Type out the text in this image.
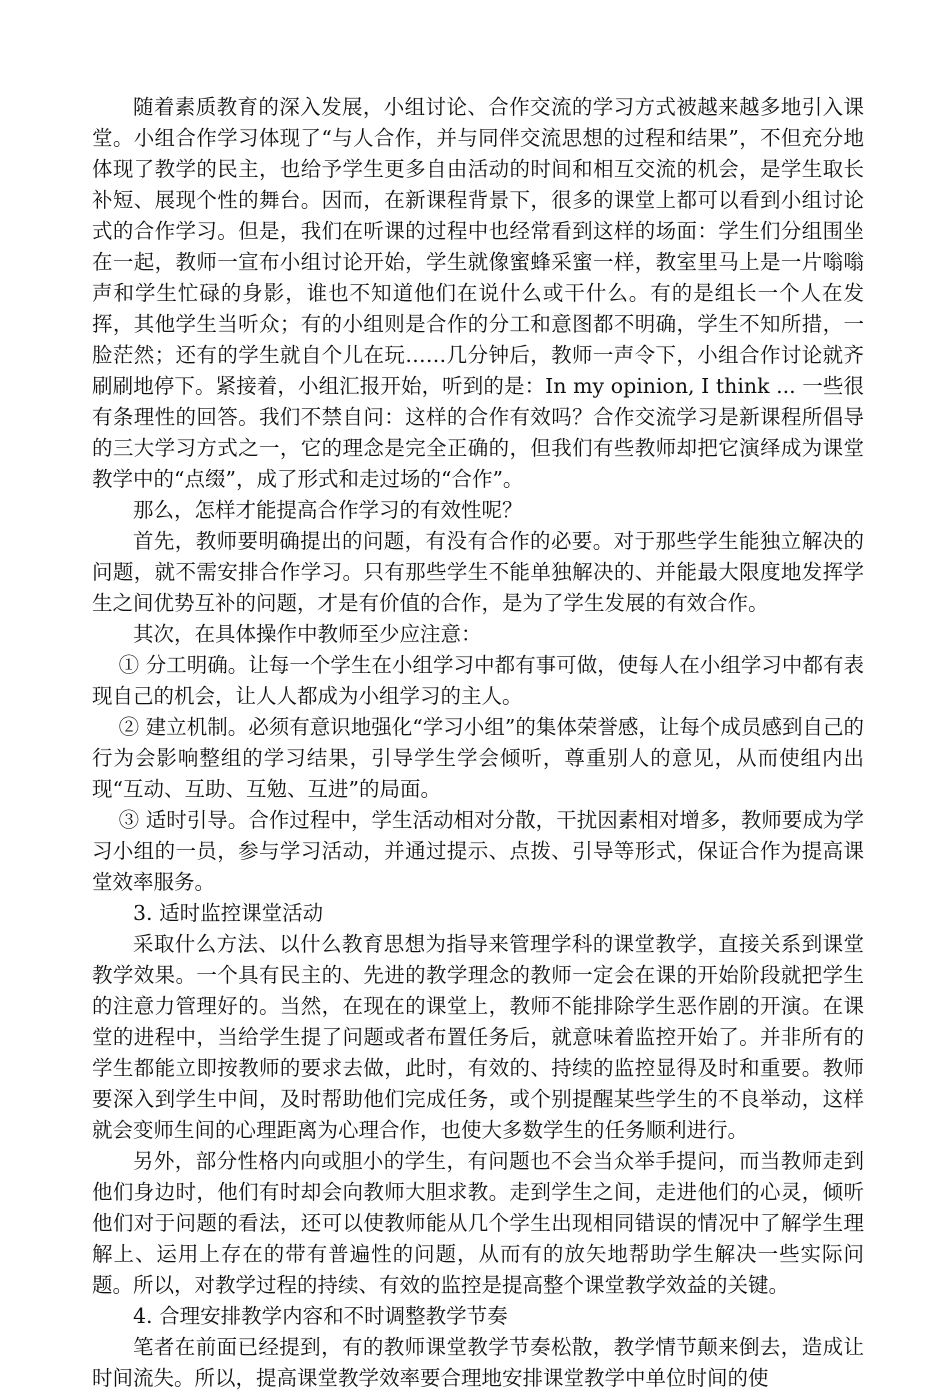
随着素质教育的深入发展，小组讨论、合作交流的学习方式被越来越多地引入课堂。小组合作学习体现了“与人合作，并与同伴交流思想的过程和结果”，不但充分地体现了教学的民主，也给予学生更多自由活动的时间和相互交流的机会，是学生取长补短、展现个性的舞台。因而，在新课程背景下，很多的课堂上都可以看到小组讨论式的合作学习。但是，我们在听课的过程中也经常看到这样的场面：学生们分组围坐在一起，教师一宣布小组讨论开始，学生就像蜜蜂采蜜一样，教室里马上是一片嗡嗡声和学生忙碌的身影，谁也不知道他们在说什么或干什么。有的是组长一个人在发挥，其他学生当听众；有的小组则是合作的分工和意图都不明确，学生不知所措，一脸茫然；还有的学生就自个儿在玩……几分钟后，教师一声令下，小组合作讨论就齐刷刷地停下。紧接着，小组汇报开始，听到的是：In my opinion, I think ... 一些很有条理性的回答。我们不禁自问：这样的合作有效吗？合作交流学习是新课程所倡导的三大学习方式之一，它的理念是完全正确的，但我们有些教师却把它演绎成为课堂教学中的“点缀”，成了形式和走过场的“合作”。

那么，怎样才能提高合作学习的有效性呢？

首先，教师要明确提出的问题，有没有合作的必要。对于那些学生能独立解决的问题，就不需安排合作学习。只有那些学生不能单独解决的、并能最大限度地发挥学生之间优势互补的问题，才是有价值的合作，是为了学生发展的有效合作。

其次，在具体操作中教师至少应注意：

① 分工明确。让每一个学生在小组学习中都有事可做，使每人在小组学习中都有表现自己的机会，让人人都成为小组学习的主人。

② 建立机制。必须有意识地强化“学习小组”的集体荣誉感，让每个成员感到自己的行为会影响整组的学习结果，引导学生学会倾听，尊重别人的意见，从而使组内出现“互动、互助、互勉、互进”的局面。

③ 适时引导。合作过程中，学生活动相对分散，干扰因素相对增多，教师要成为学习小组的一员，参与学习活动，并通过提示、点拨、引导等形式，保证合作为提高课堂效率服务。

3. 适时监控课堂活动

采取什么方法、以什么教育思想为指导来管理学科的课堂教学，直接关系到课堂教学效果。一个具有民主的、先进的教学理念的教师一定会在课的开始阶段就把学生的注意力管理好的。当然，在现在的课堂上，教师不能排除学生恶作剧的开演。在课堂的进程中，当给学生提了问题或者布置任务后，就意味着监控开始了。并非所有的学生都能立即按教师的要求去做，此时，有效的、持续的监控显得及时和重要。教师要深入到学生中间，及时帮助他们完成任务，或个别提醒某些学生的不良举动，这样就会变师生间的心理距离为心理合作，也使大多数学生的任务顺利进行。

另外，部分性格内向或胆小的学生，有问题也不会当众举手提问，而当教师走到他们身边时，他们有时却会向教师大胆求教。走到学生之间，走进他们的心灵，倾听他们对于问题的看法，还可以使教师能从几个学生出现相同错误的情况中了解学生理解上、运用上存在的带有普遍性的问题，从而有的放矢地帮助学生解决一些实际问题。所以，对教学过程的持续、有效的监控是提高整个课堂教学效益的关键。

4. 合理安排教学内容和不时调整教学节奏

笔者在前面已经提到，有的教师课堂教学节奏松散，教学情节颠来倒去，造成让时间流失。所以，提高课堂教学效率要合理地安排课堂教学中单位时间的使
